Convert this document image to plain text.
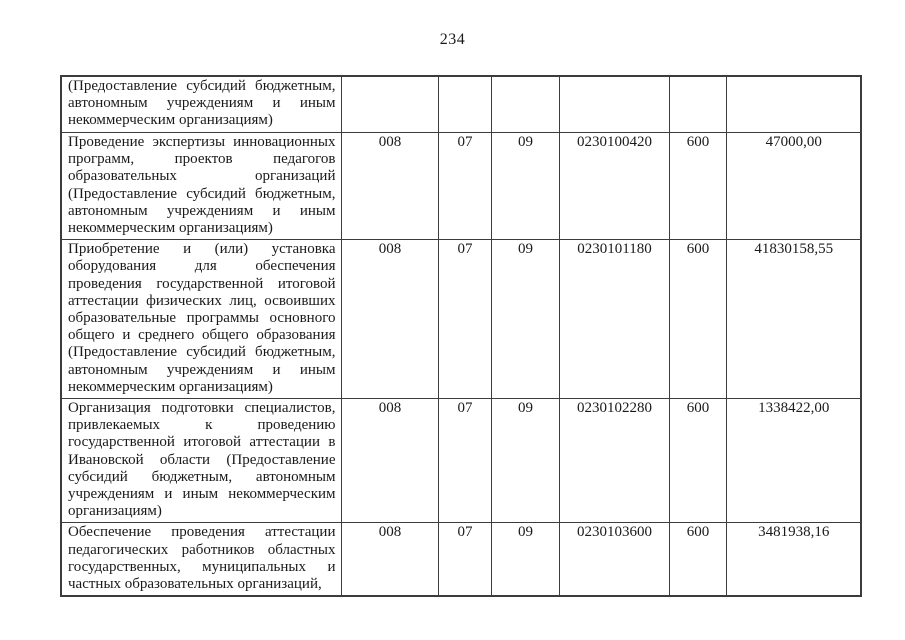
234
(Предоставление субсидий бюджетным, автономным учреждениям и иным некоммерческим организациям)						
Проведение экспертизы инновационных программ, проектов педагогов образовательных организаций (Предоставление субсидий бюджетным, автономным учреждениям и иным некоммерческим организациям)	008	07	09	0230100420	600	47000,00
Приобретение и (или) установка оборудования для обеспечения проведения государственной итоговой аттестации физических лиц, освоивших образовательные программы основного общего и среднего общего образования (Предоставление субсидий бюджетным, автономным учреждениям и иным некоммерческим организациям)	008	07	09	0230101180	600	41830158,55
Организация подготовки специалистов, привлекаемых к проведению государственной итоговой аттестации в Ивановской области (Предоставление субсидий бюджетным, автономным учреждениям и иным некоммерческим организациям)	008	07	09	0230102280	600	1338422,00
Обеспечение проведения аттестации педагогических работников областных государственных, муниципальных и частных образовательных организаций,	008	07	09	0230103600	600	3481938,16
